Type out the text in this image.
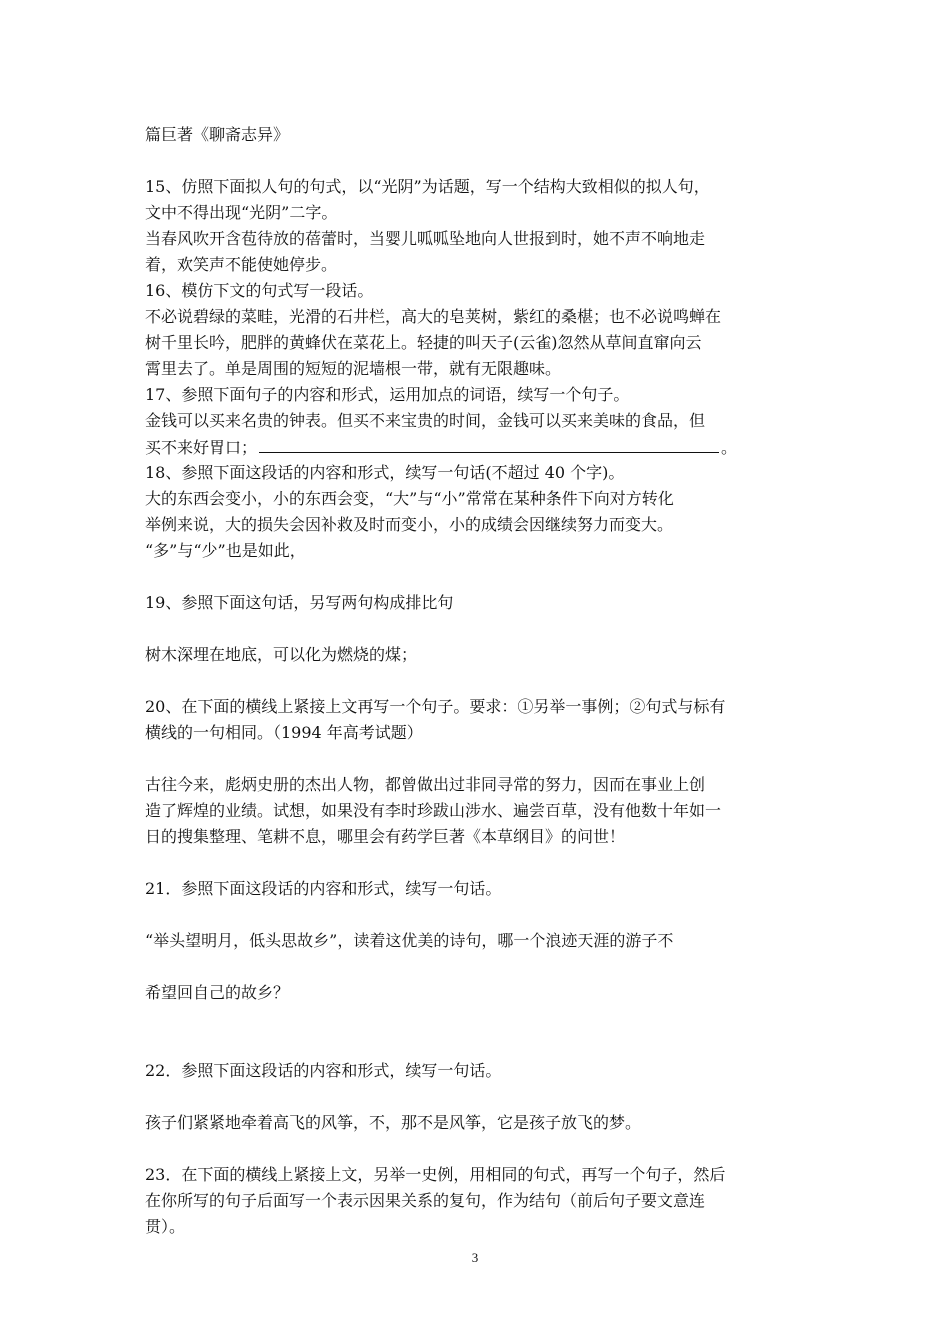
篇巨著《聊斋志异》
15、仿照下面拟人句的句式，以“光阴”为话题，写一个结构大致相似的拟人句，
文中不得出现“光阴”二字。
当春风吹开含苞待放的蓓蕾时，当婴儿呱呱坠地向人世报到时，她不声不响地走
着，欢笑声不能使她停步。
16、模仿下文的句式写一段话。
不必说碧绿的菜畦，光滑的石井栏，高大的皂荚树，紫红的桑椹；也不必说鸣蝉在
树千里长吟，肥胖的黄蜂伏在菜花上。轻捷的叫天子(云雀)忽然从草间直窜向云
霄里去了。单是周围的短短的泥墙根一带，就有无限趣味。
17、参照下面句子的内容和形式，运用加点的词语，续写一个句子。
金钱可以买来名贵的钟表。但买不来宝贵的时间，金钱可以买来美味的食品，但
买不来好胃口；	。
18、参照下面这段话的内容和形式，续写一句话(不超过 40 个字)。
大的东西会变小，小的东西会变，“大”与“小”常常在某种条件下向对方转化
举例来说，大的损失会因补救及时而变小，小的成绩会因继续努力而变大。
“多”与“少”也是如此，
19、参照下面这句话，另写两句构成排比句
树木深埋在地底，可以化为燃烧的煤；
20、在下面的横线上紧接上文再写一个句子。要求：①另举一事例；②句式与标有
横线的一句相同。（1994 年高考试题）
古往今来，彪炳史册的杰出人物，都曾做出过非同寻常的努力，因而在事业上创
造了辉煌的业绩。试想，如果没有李时珍跋山涉水、遍尝百草，没有他数十年如一
日的搜集整理、笔耕不息，哪里会有药学巨著《本草纲目》的问世！
21．参照下面这段话的内容和形式，续写一句话。
“举头望明月，低头思故乡”，读着这优美的诗句，哪一个浪迹天涯的游子不
希望回自己的故乡？
22．参照下面这段话的内容和形式，续写一句话。
孩子们紧紧地牵着高飞的风筝，不，那不是风筝，它是孩子放飞的梦。
23．在下面的横线上紧接上文，另举一史例，用相同的句式，再写一个句子，然后
在你所写的句子后面写一个表示因果关系的复句，作为结句（前后句子要文意连
贯）。
3
